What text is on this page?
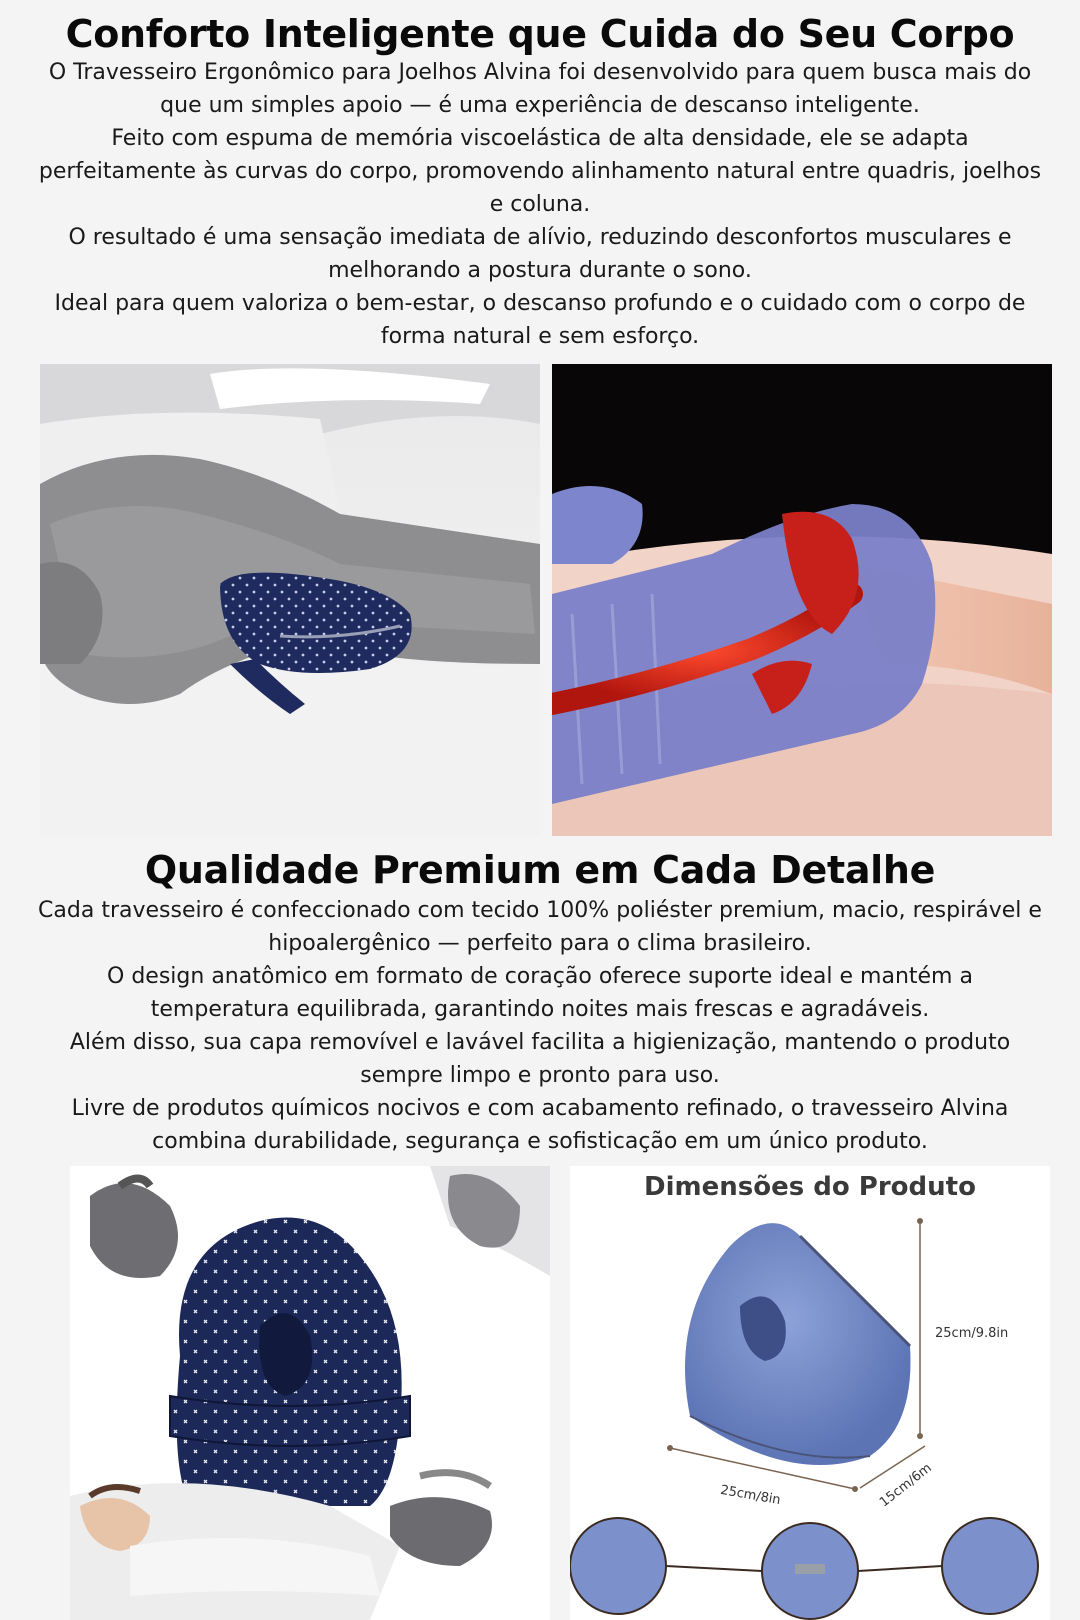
Conforto Inteligente que Cuida do Seu Corpo

O Travesseiro Ergonômico para Joelhos Alvina foi desenvolvido para quem busca mais do

que um simples apoio — é uma experiência de descanso inteligente.

Feito com espuma de memória viscoelástica de alta densidade, ele se adapta

perfeitamente às curvas do corpo, promovendo alinhamento natural entre quadris, joelhos

e coluna.

O resultado é uma sensação imediata de alívio, reduzindo desconfortos musculares e

melhorando a postura durante o sono.

Ideal para quem valoriza o bem-estar, o descanso profundo e o cuidado com o corpo de

forma natural e sem esforço.

Qualidade Premium em Cada Detalhe

Cada travesseiro é confeccionado com tecido 100% poliéster premium, macio, respirável e

hipoalergênico — perfeito para o clima brasileiro.

O design anatômico em formato de coração oferece suporte ideal e mantém a

temperatura equilibrada, garantindo noites mais frescas e agradáveis.

Além disso, sua capa removível e lavável facilita a higienização, mantendo o produto

sempre limpo e pronto para uso.

Livre de produtos químicos nocivos e com acabamento refinado, o travesseiro Alvina

combina durabilidade, segurança e sofisticação em um único produto.

Dimensões do Produto
25cm/9.8in
25cm/8in	15cm/6m
